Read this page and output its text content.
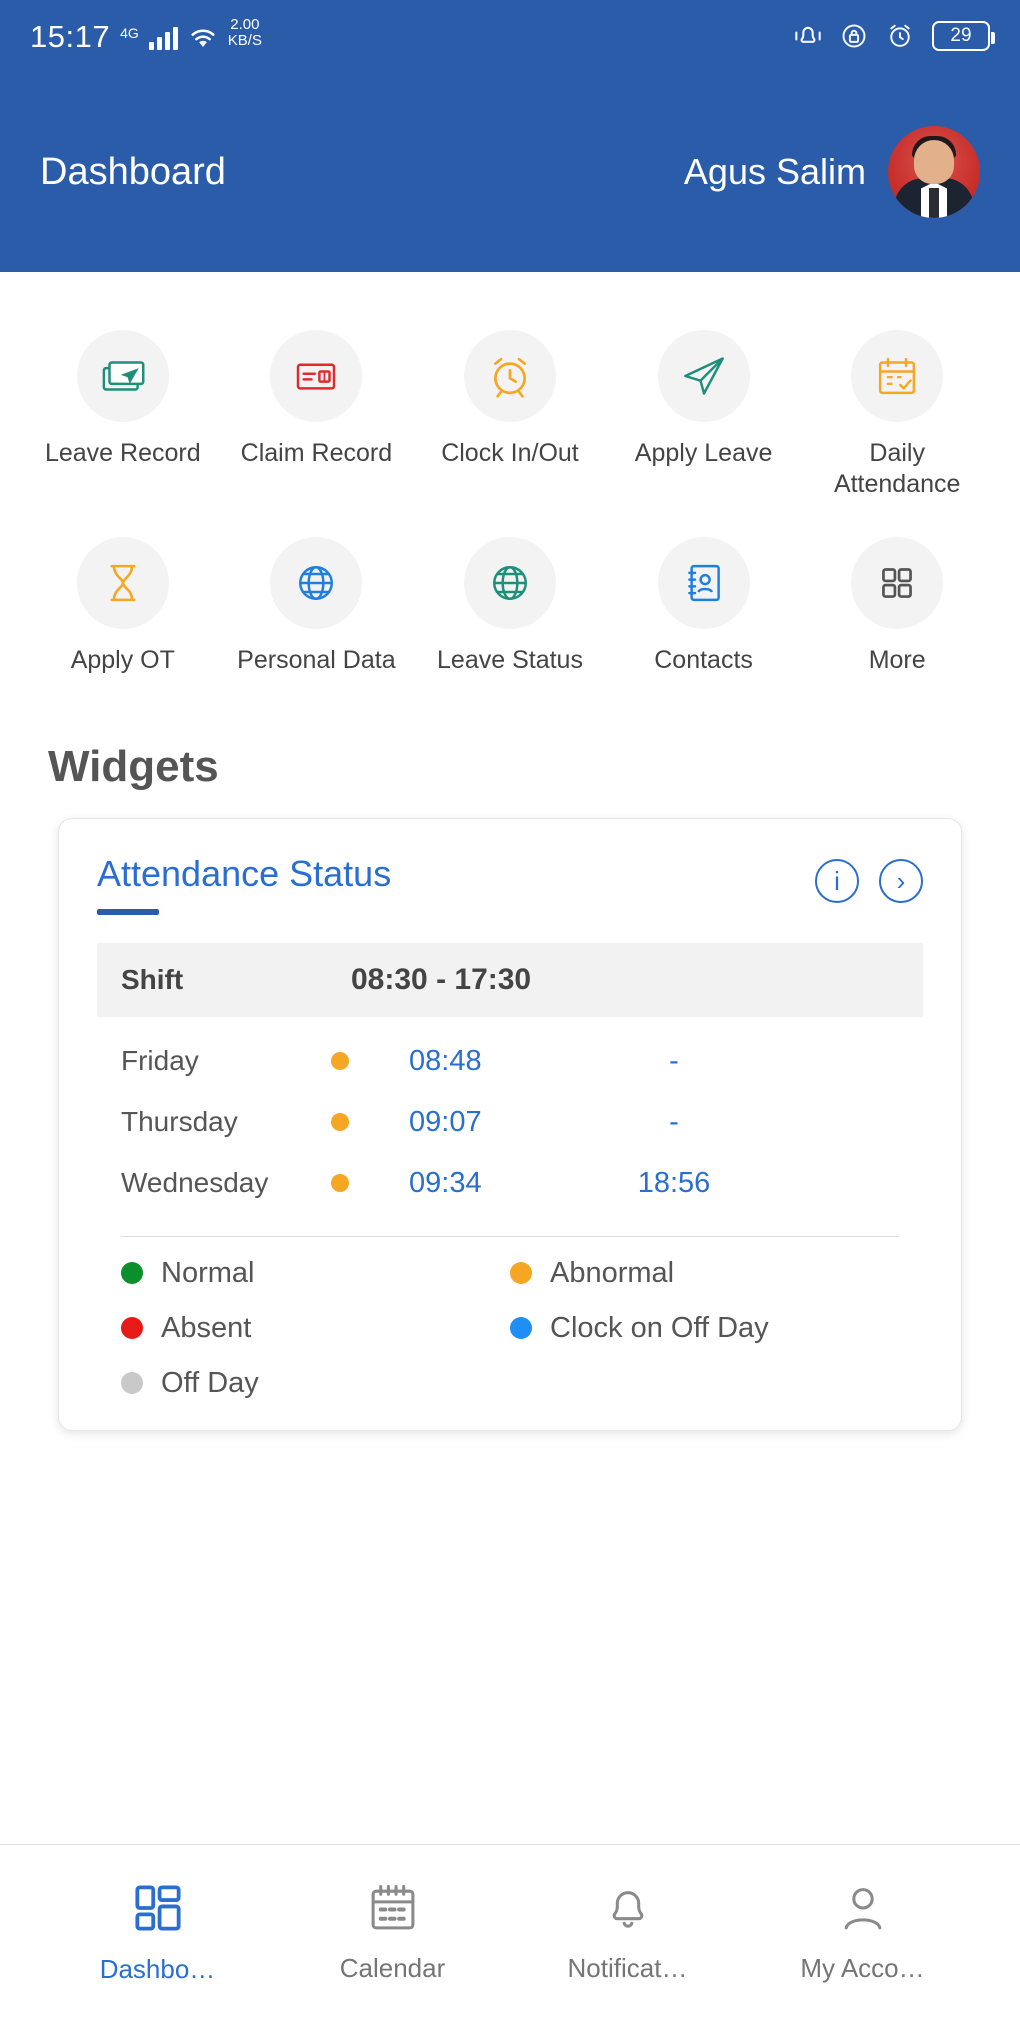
15:17 4G	2.00
KB/S	29
Dashboard	Agus Salim
Leave Record Claim Record Clock In/Out Apply Leave	Daily Attendance
Apply OT Personal Data Leave Status	Contacts	More
Widgets
Attendance Status	i	›
Shift	08:30 - 17:30
Friday	08:48	-
Thursday	09:07	-
Wednesday	09:34	18:56
Normal	Abnormal
Absent	Clock on Off Day
Off Day
Dashbo…	Calendar	Notificat…	My Acco…
